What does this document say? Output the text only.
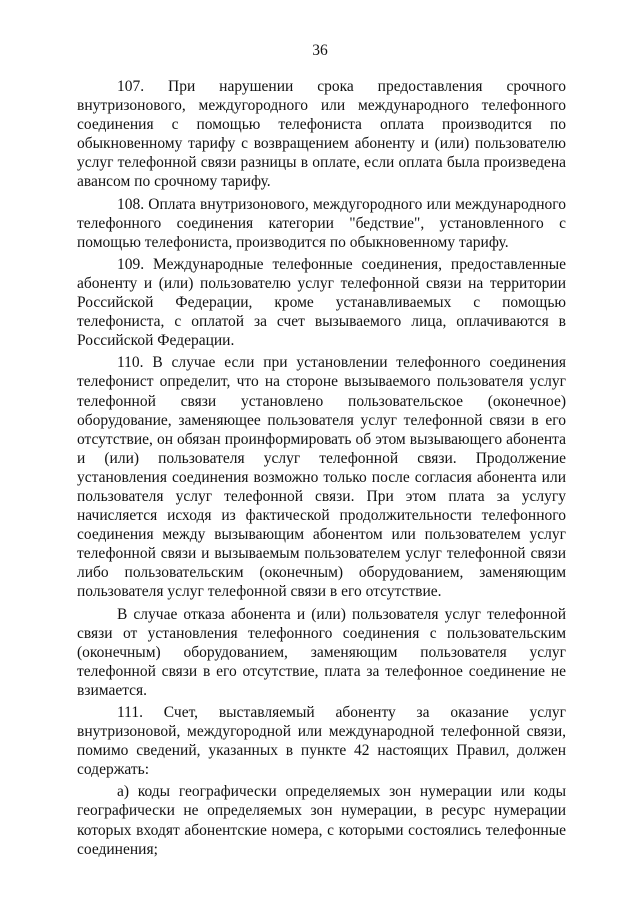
36

107. При нарушении срока предоставления срочного внутризонового, междугородного или международного телефонного соединения с помощью телефониста оплата производится по обыкновенному тарифу с возвращением абоненту и (или) пользователю услуг телефонной связи разницы в оплате, если оплата была произведена авансом по срочному тарифу.

108. Оплата внутризонового, междугородного или международного телефонного соединения категории "бедствие", установленного с помощью телефониста, производится по обыкновенному тарифу.

109. Международные телефонные соединения, предоставленные абоненту и (или) пользователю услуг телефонной связи на территории Российской Федерации, кроме устанавливаемых с помощью телефониста, с оплатой за счет вызываемого лица, оплачиваются в Российской Федерации.

110. В случае если при установлении телефонного соединения телефонист определит, что на стороне вызываемого пользователя услуг телефонной связи установлено пользовательское (оконечное) оборудование, заменяющее пользователя услуг телефонной связи в его отсутствие, он обязан проинформировать об этом вызывающего абонента и (или) пользователя услуг телефонной связи. Продолжение установления соединения возможно только после согласия абонента или пользователя услуг телефонной связи. При этом плата за услугу начисляется исходя из фактической продолжительности телефонного соединения между вызывающим абонентом или пользователем услуг телефонной связи и вызываемым пользователем услуг телефонной связи либо пользовательским (оконечным) оборудованием, заменяющим пользователя услуг телефонной связи в его отсутствие.

В случае отказа абонента и (или) пользователя услуг телефонной связи от установления телефонного соединения с пользовательским (оконечным) оборудованием, заменяющим пользователя услуг телефонной связи в его отсутствие, плата за телефонное соединение не взимается.

111. Счет, выставляемый абоненту за оказание услуг внутризоновой, междугородной или международной телефонной связи, помимо сведений, указанных в пункте 42 настоящих Правил, должен содержать:

а) коды географически определяемых зон нумерации или коды географически не определяемых зон нумерации, в ресурс нумерации которых входят абонентские номера, с которыми состоялись телефонные соединения;
